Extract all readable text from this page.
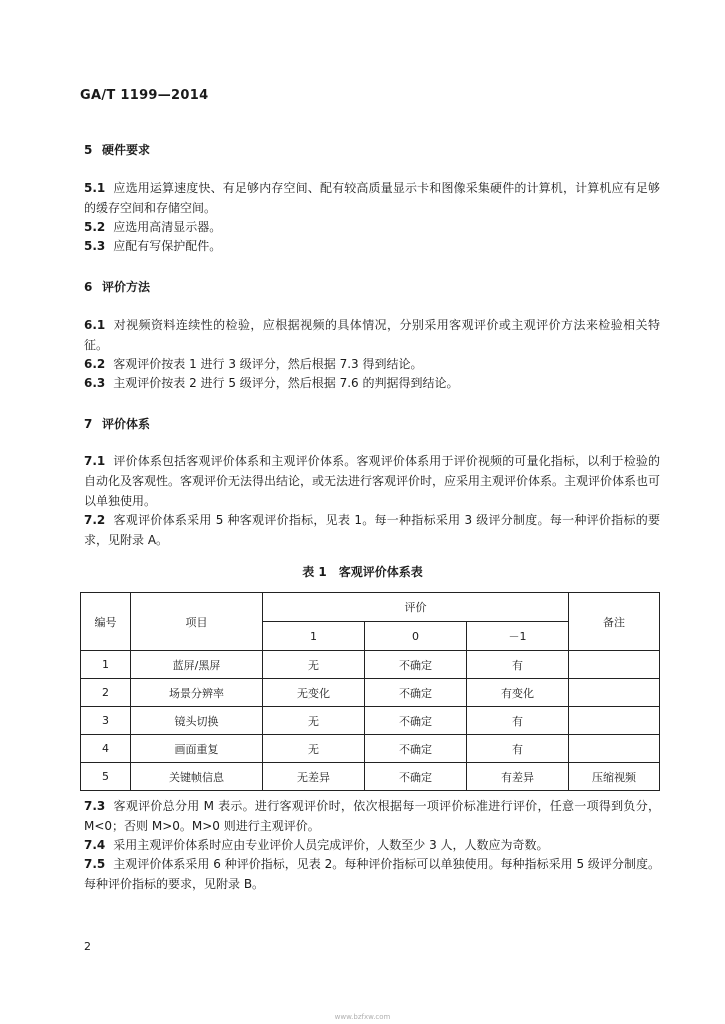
GA/T 1199—2014
5 硬件要求
5.1 应选用运算速度快、有足够内存空间、配有较高质量显示卡和图像采集硬件的计算机，计算机应有足够的缓存空间和存储空间。
5.2 应选用高清显示器。
5.3 应配有写保护配件。
6 评价方法
6.1 对视频资料连续性的检验，应根据视频的具体情况，分别采用客观评价或主观评价方法来检验相关特征。
6.2 客观评价按表 1 进行 3 级评分，然后根据 7.3 得到结论。
6.3 主观评价按表 2 进行 5 级评分，然后根据 7.6 的判据得到结论。
7 评价体系
7.1 评价体系包括客观评价体系和主观评价体系。客观评价体系用于评价视频的可量化指标，以利于检验的自动化及客观性。客观评价无法得出结论，或无法进行客观评价时，应采用主观评价体系。主观评价体系也可以单独使用。
7.2 客观评价体系采用 5 种客观评价指标，见表 1。每一种指标采用 3 级评分制度。每一种评价指标的要求，见附录 A。
表 1　客观评价体系表
编号	项目	评价			备注
		1	0	－1	
1	蓝屏/黑屏	无	不确定	有	
2	场景分辨率	无变化	不确定	有变化	
3	镜头切换	无	不确定	有	
4	画面重复	无	不确定	有	
5	关键帧信息	无差异	不确定	有差异	压缩视频
7.3 客观评价总分用 M 表示。进行客观评价时，依次根据每一项评价标准进行评价，任意一项得到负分，M<0；否则 M>0。M>0 则进行主观评价。
7.4 采用主观评价体系时应由专业评价人员完成评价，人数至少 3 人，人数应为奇数。
7.5 主观评价体系采用 6 种评价指标，见表 2。每种评价指标可以单独使用。每种指标采用 5 级评分制度。每种评价指标的要求，见附录 B。
2
www.bzfxw.com
